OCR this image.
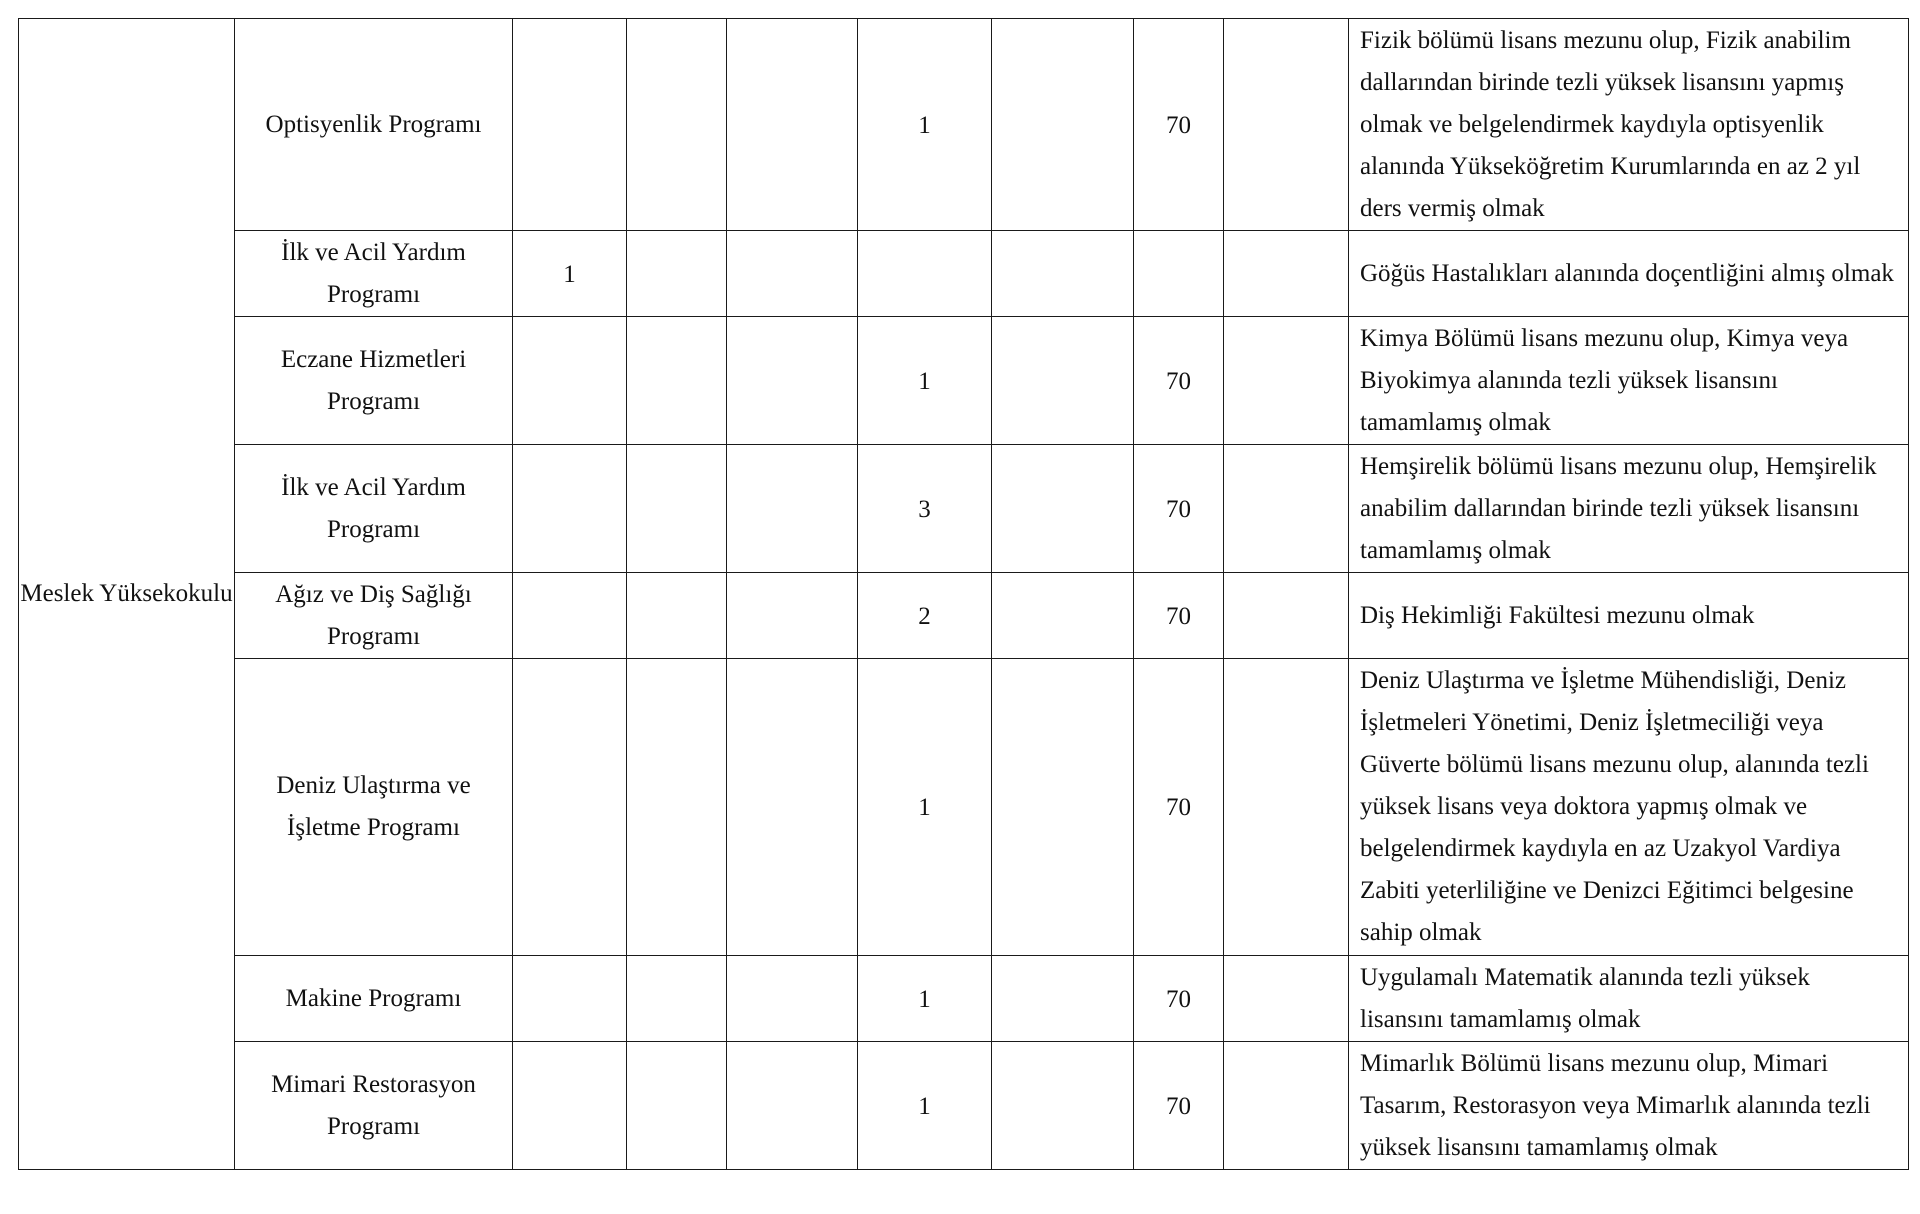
Meslek Yüksekokulu	Optisyenlik Programı				1		70		Fizik bölümü lisans mezunu olup, Fizik anabilim dallarından birinde tezli yüksek lisansını yapmış olmak ve belgelendirmek kaydıyla optisyenlik alanında Yükseköğretim Kurumlarında en az 2 yıl ders vermiş olmak
	İlk ve Acil Yardım Programı	1							Göğüs Hastalıkları alanında doçentliğini almış olmak
	Eczane Hizmetleri Programı				1		70		Kimya Bölümü lisans mezunu olup, Kimya veya Biyokimya alanında tezli yüksek lisansını tamamlamış olmak
	İlk ve Acil Yardım Programı				3		70		Hemşirelik bölümü lisans mezunu olup, Hemşirelik anabilim dallarından birinde tezli yüksek lisansını tamamlamış olmak
	Ağız ve Diş Sağlığı Programı				2		70		Diş Hekimliği Fakültesi mezunu olmak
	Deniz Ulaştırma ve İşletme Programı				1		70		Deniz Ulaştırma ve İşletme Mühendisliği, Deniz İşletmeleri Yönetimi, Deniz İşletmeciliği veya Güverte bölümü lisans mezunu olup, alanında tezli yüksek lisans veya doktora yapmış olmak ve belgelendirmek kaydıyla en az Uzakyol Vardiya Zabiti yeterliliğine ve Denizci Eğitimci belgesine sahip olmak
	Makine Programı				1		70		Uygulamalı Matematik alanında tezli yüksek lisansını tamamlamış olmak
	Mimari Restorasyon Programı				1		70		Mimarlık Bölümü lisans mezunu olup, Mimari Tasarım, Restorasyon veya Mimarlık alanında tezli yüksek lisansını tamamlamış olmak
